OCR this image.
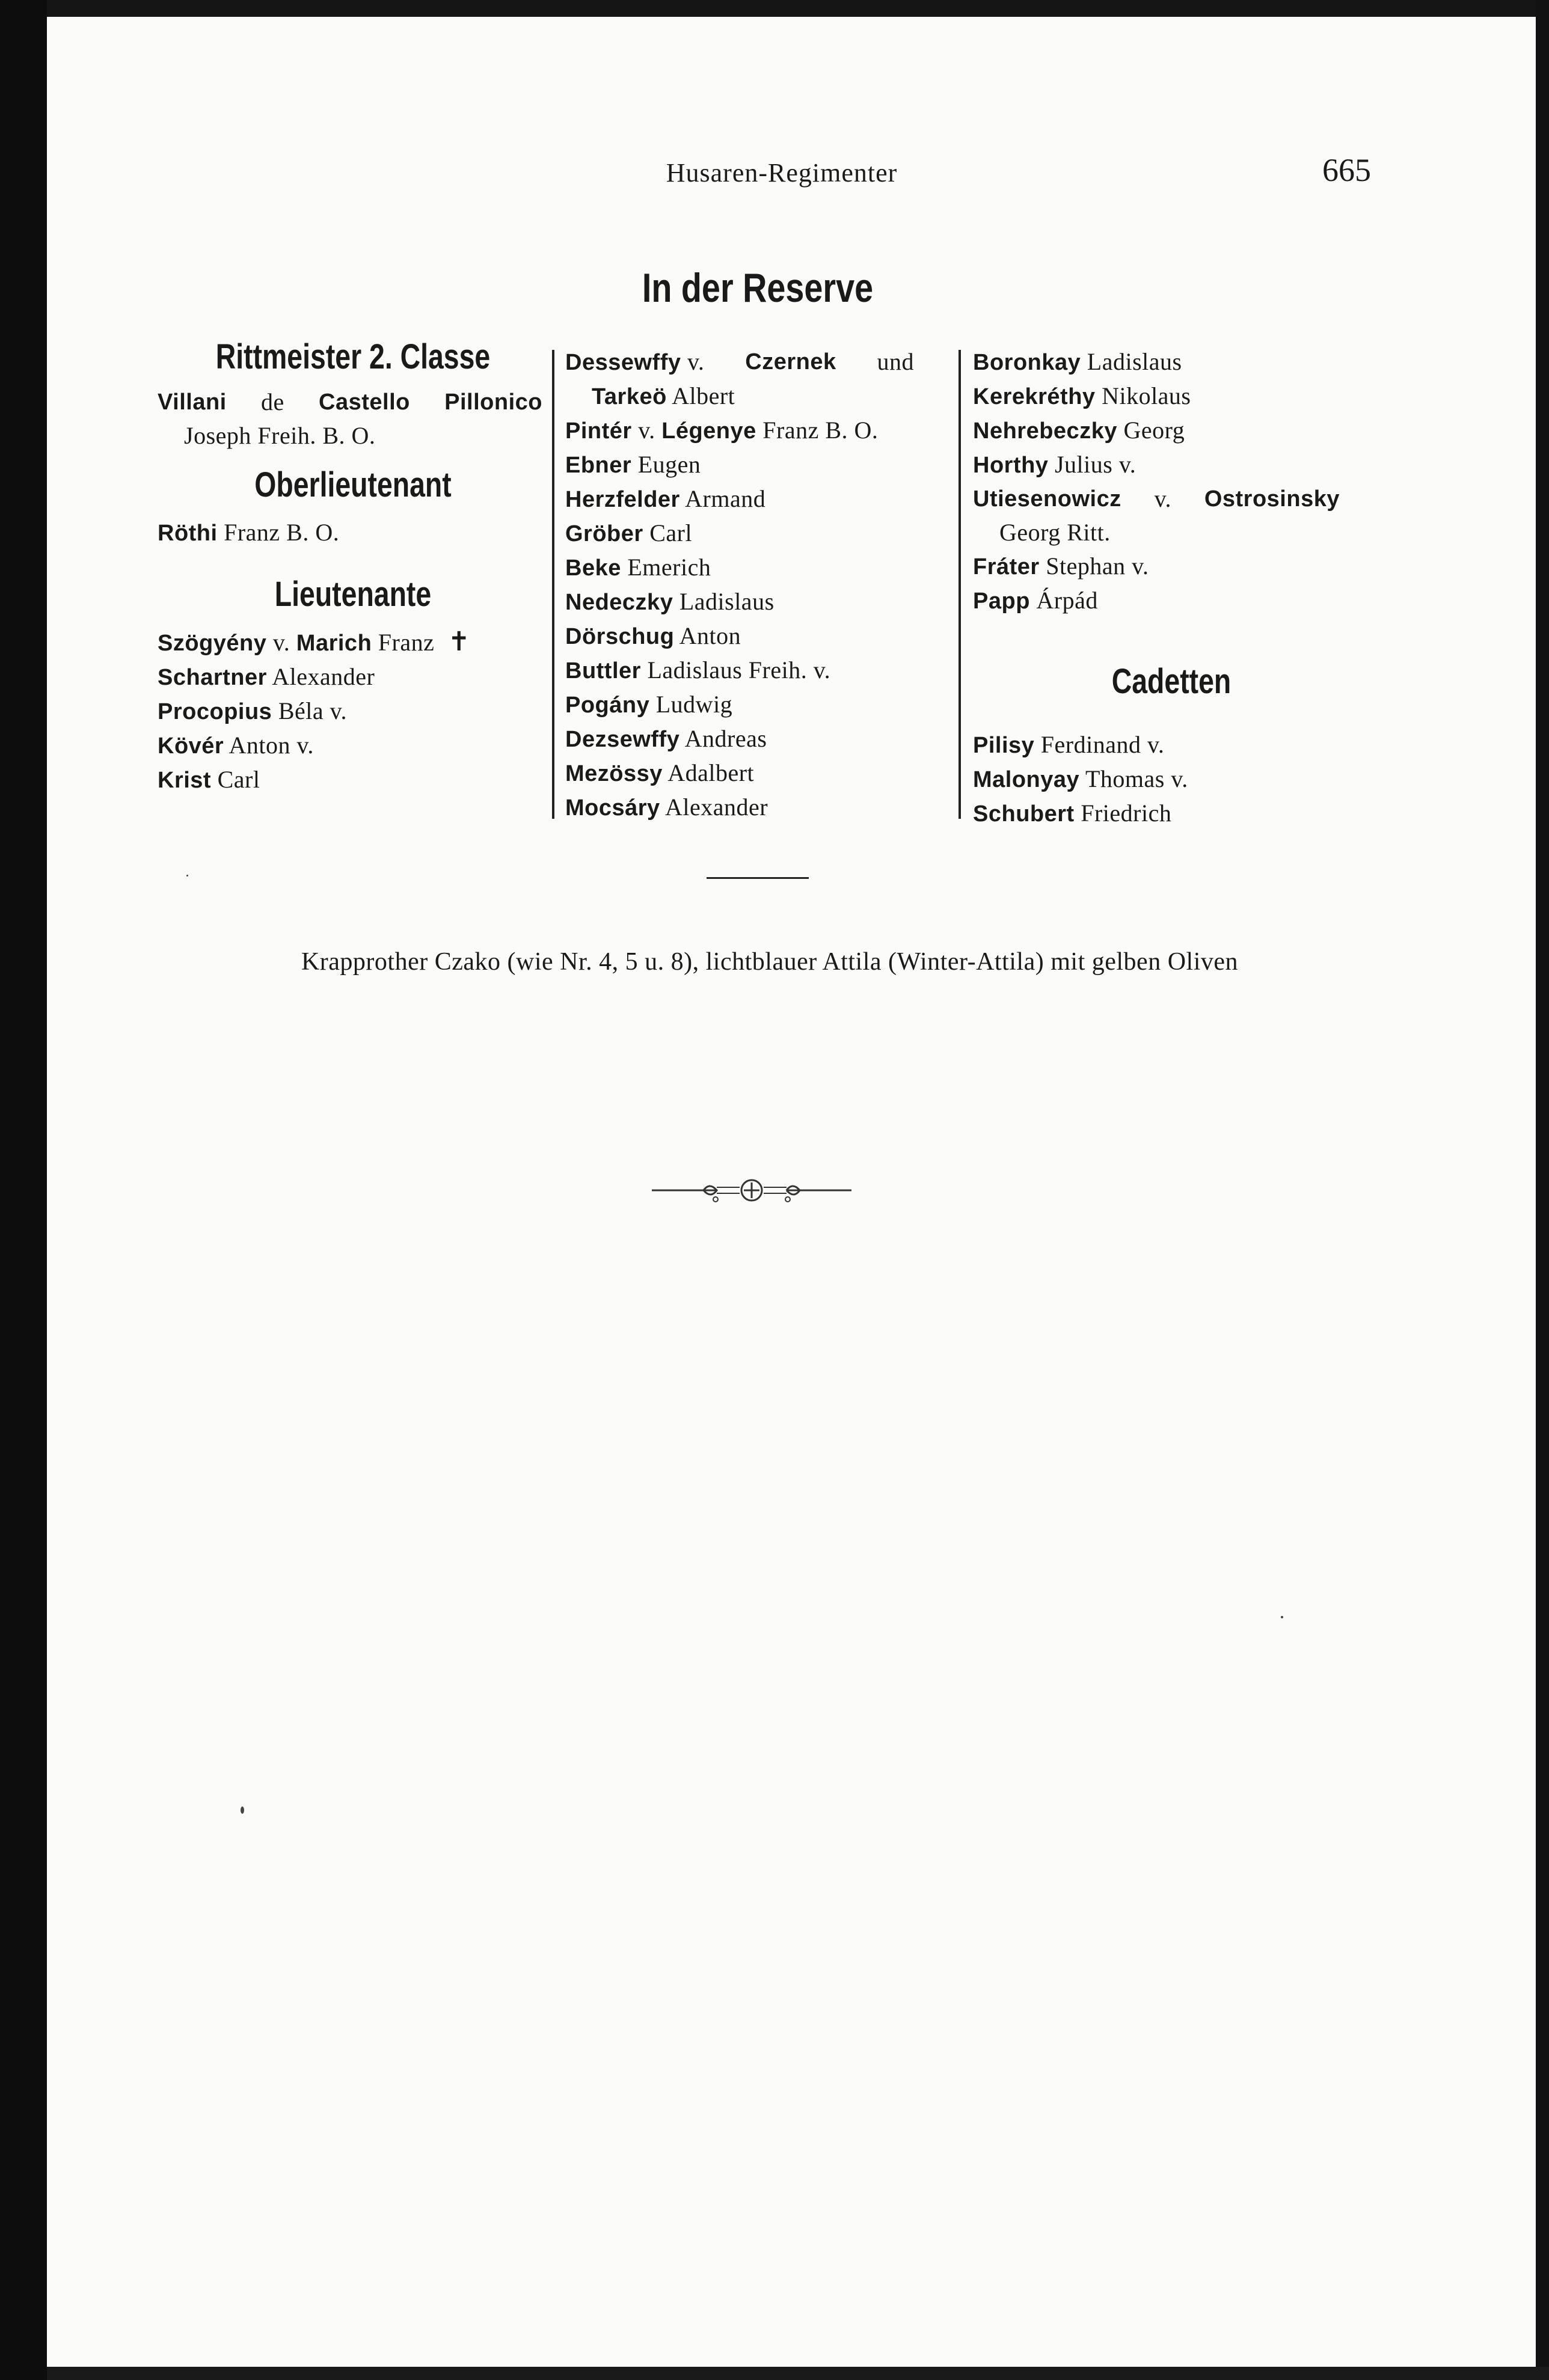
Husaren-Regimenter	665
In der Reserve
Rittmeister 2. Classe
Villani de Castello Pillonico
Joseph Freih. B. O.
Oberlieutenant
Röthi Franz B. O.
Lieutenante
Szögyény v. Marich Franz ✝
Schartner Alexander
Procopius Béla v.
Kövér Anton v.
Krist Carl
Dessewffy v. Czernek und
Tarkeö Albert
Pintér v. Légenye Franz B. O.
Ebner Eugen
Herzfelder Armand
Gröber Carl
Beke Emerich
Nedeczky Ladislaus
Dörschug Anton
Buttler Ladislaus Freih. v.
Pogány Ludwig
Dezsewffy Andreas
Mezössy Adalbert
Mocsáry Alexander
Boronkay Ladislaus
Kerekréthy Nikolaus
Nehrebeczky Georg
Horthy Julius v.
Utiesenowicz v. Ostrosinsky
Georg Ritt.
Fráter Stephan v.
Papp Árpád
Cadetten
Pilisy Ferdinand v.
Malonyay Thomas v.
Schubert Friedrich
Krapprother Czako (wie Nr. 4, 5 u. 8), lichtblauer Attila (Winter-Attila) mit gelben Oliven
